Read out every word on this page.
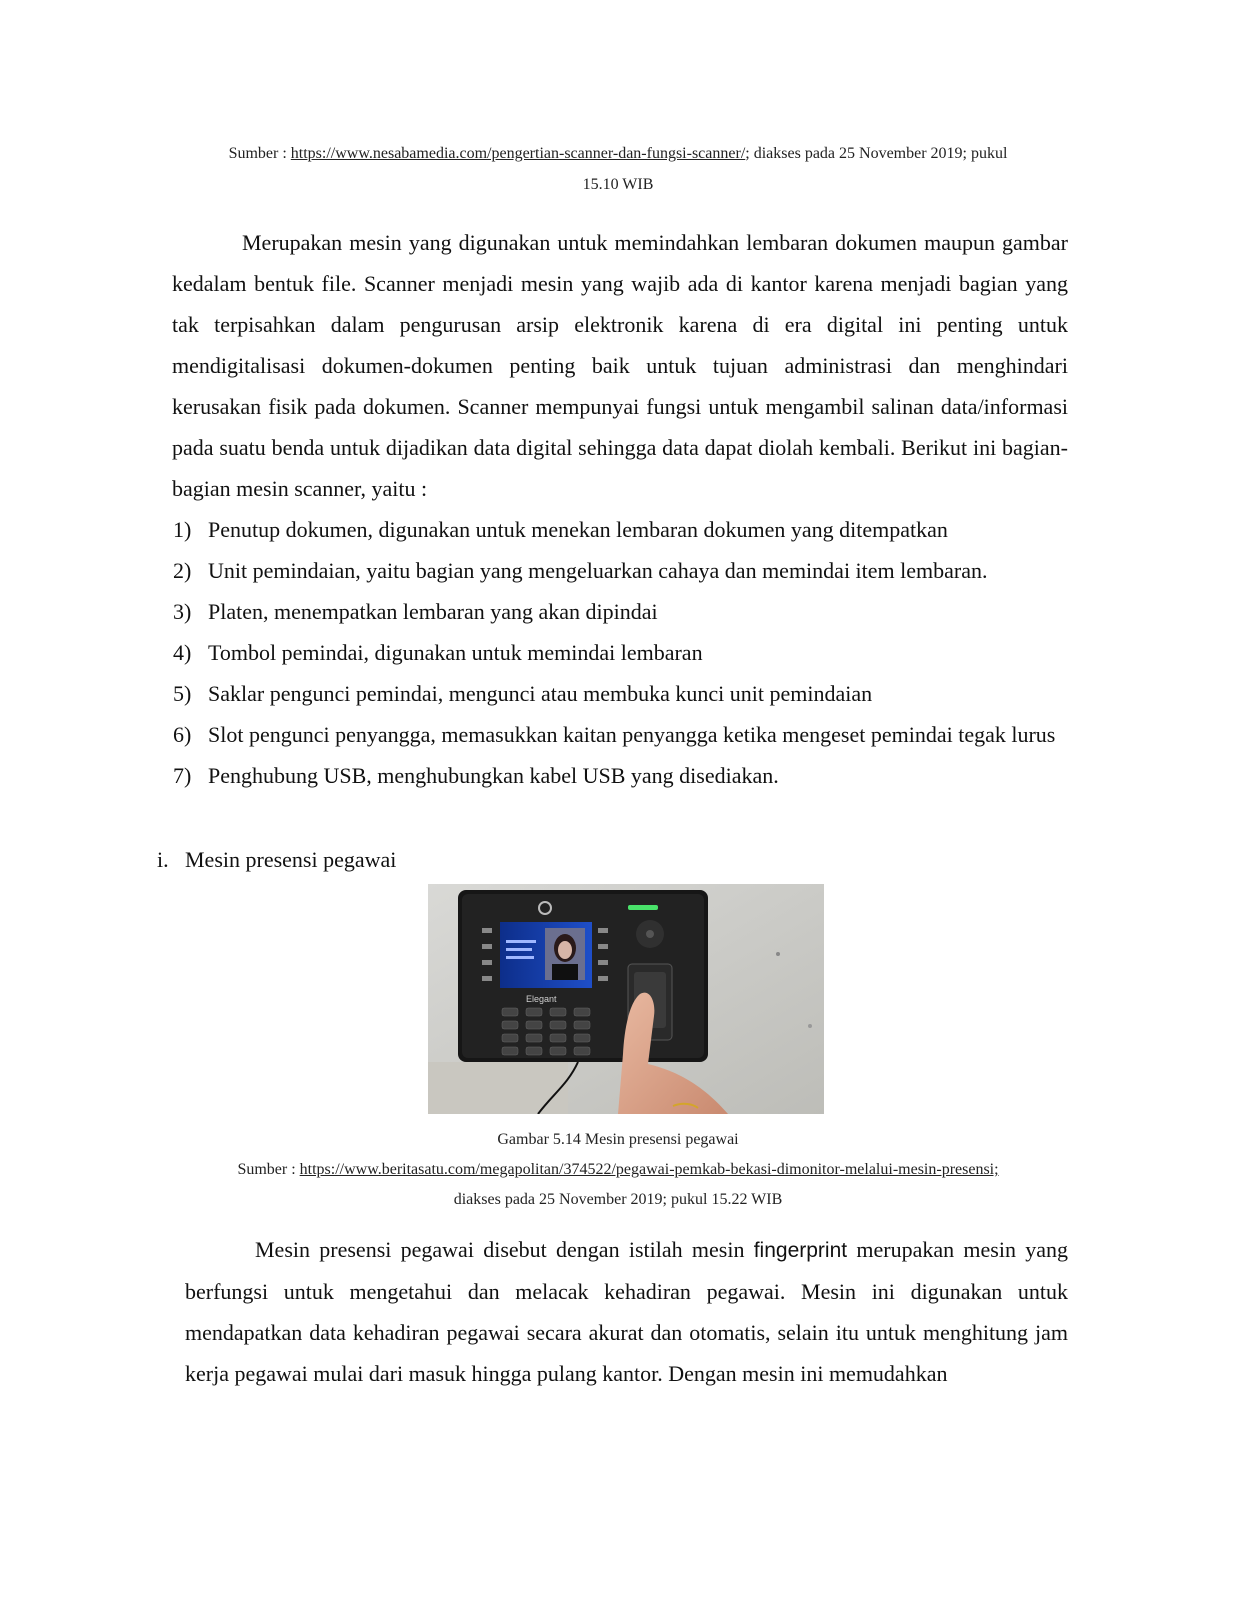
Sumber : https://www.nesabamedia.com/pengertian-scanner-dan-fungsi-scanner/; diakses pada 25 November 2019; pukul
15.10 WIB
Merupakan mesin yang digunakan untuk memindahkan lembaran dokumen maupun gambar kedalam bentuk file. Scanner menjadi mesin yang wajib ada di kantor karena menjadi bagian yang tak terpisahkan dalam pengurusan arsip elektronik karena di era digital ini penting untuk mendigitalisasi dokumen-dokumen penting baik untuk tujuan administrasi dan menghindari kerusakan fisik pada dokumen. Scanner mempunyai fungsi untuk mengambil salinan data/informasi pada suatu benda untuk dijadikan data digital sehingga data dapat diolah kembali. Berikut ini bagian-bagian mesin scanner, yaitu :
1) Penutup dokumen, digunakan untuk menekan lembaran dokumen yang ditempatkan
2) Unit pemindaian, yaitu bagian yang mengeluarkan cahaya dan memindai item lembaran.
3) Platen, menempatkan lembaran yang akan dipindai
4) Tombol pemindai, digunakan untuk memindai lembaran
5) Saklar pengunci pemindai, mengunci atau membuka kunci unit pemindaian
6) Slot pengunci penyangga, memasukkan kaitan penyangga ketika mengeset pemindai tegak lurus
7) Penghubung USB, menghubungkan kabel USB yang disediakan.
i. Mesin presensi pegawai
Elegant
Gambar 5.14 Mesin presensi pegawai
Sumber : https://www.beritasatu.com/megapolitan/374522/pegawai-pemkab-bekasi-dimonitor-melalui-mesin-presensi;
diakses pada 25 November 2019; pukul 15.22 WIB
Mesin presensi pegawai disebut dengan istilah mesin fingerprint merupakan mesin yang berfungsi untuk mengetahui dan melacak kehadiran pegawai. Mesin ini digunakan untuk mendapatkan data kehadiran pegawai secara akurat dan otomatis, selain itu untuk menghitung jam kerja pegawai mulai dari masuk hingga pulang kantor. Dengan mesin ini memudahkan
